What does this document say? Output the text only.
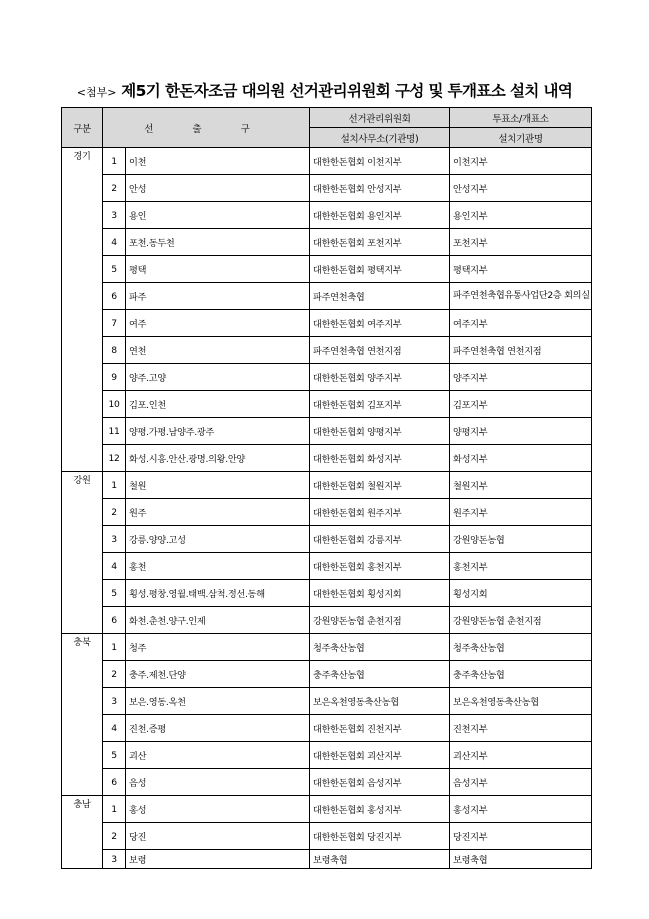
<첨부> 제5기 한돈자조금 대의원 선거관리위원회 구성 및 투개표소 설치 내역
구분	선 출 구		선거관리위원회	투표소/개표소
			설치사무소(기관명)	설치기관명
경기	1	이천	대한한돈협회 이천지부	이천지부
	2	안성	대한한돈협회 안성지부	안성지부
	3	용인	대한한돈협회 용인지부	용인지부
	4	포천.동두천	대한한돈협회 포천지부	포천지부
	5	평택	대한한돈협회 평택지부	평택지부
	6	파주	파주연천축협	파주연천축협유통사업단2층 회의실
	7	여주	대한한돈협회 여주지부	여주지부
	8	연천	파주연천축협 연천지점	파주연천축협 연천지점
	9	양주.고양	대한한돈협회 양주지부	양주지부
	10	김포.인천	대한한돈협회 김포지부	김포지부
	11	양평.가평.남양주.광주	대한한돈협회 양평지부	양평지부
	12	화성.시흥.안산.광명.의왕.안양	대한한돈협회 화성지부	화성지부
강원	1	철원	대한한돈협회 철원지부	철원지부
	2	원주	대한한돈협회 원주지부	원주지부
	3	강릉.양양.고성	대한한돈협회 강릉지부	강원양돈농협
	4	홍천	대한한돈협회 홍천지부	홍천지부
	5	횡성.평창.영월.태백.삼척.정선.동해	대한한돈협회 횡성지회	횡성지회
	6	화천.춘천.양구.인제	강원양돈농협 춘천지점	강원양돈농협 춘천지점
충북	1	청주	청주축산농협	청주축산농협
	2	충주.제천.단양	충주축산농협	충주축산농협
	3	보은.영동.옥천	보은옥천영동축산농협	보은옥천영동축산농협
	4	진천.증평	대한한돈협회 진천지부	진천지부
	5	괴산	대한한돈협회 괴산지부	괴산지부
	6	음성	대한한돈협회 음성지부	음성지부
충남	1	홍성	대한한돈협회 홍성지부	홍성지부
	2	당진	대한한돈협회 당진지부	당진지부
	3	보령	보령축협	보령축협
